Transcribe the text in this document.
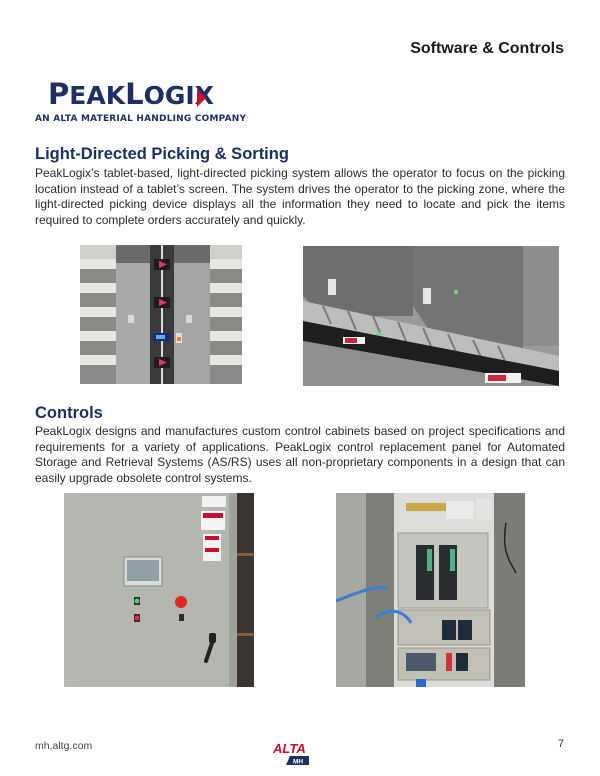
Software & Controls
PEAKLOGIX
AN ALTA MATERIAL HANDLING COMPANY
Light-Directed Picking & Sorting
PeakLogix’s tablet-based, light-directed picking system allows the operator to focus on the picking location instead of a tablet’s screen. The system drives the operator to the picking zone, where the light-directed picking device displays all the information they need to locate and pick the items required to complete orders accurately and quickly.
Controls
PeakLogix designs and manufactures custom control cabinets based on project specifications and requirements for a variety of applications. PeakLogix control replacement panel for Automated Storage and Retrieval Systems (AS/RS) uses all non-proprietary components in a design that can easily upgrade obsolete control systems.
mh.altg.com	ALTA
MH
7
